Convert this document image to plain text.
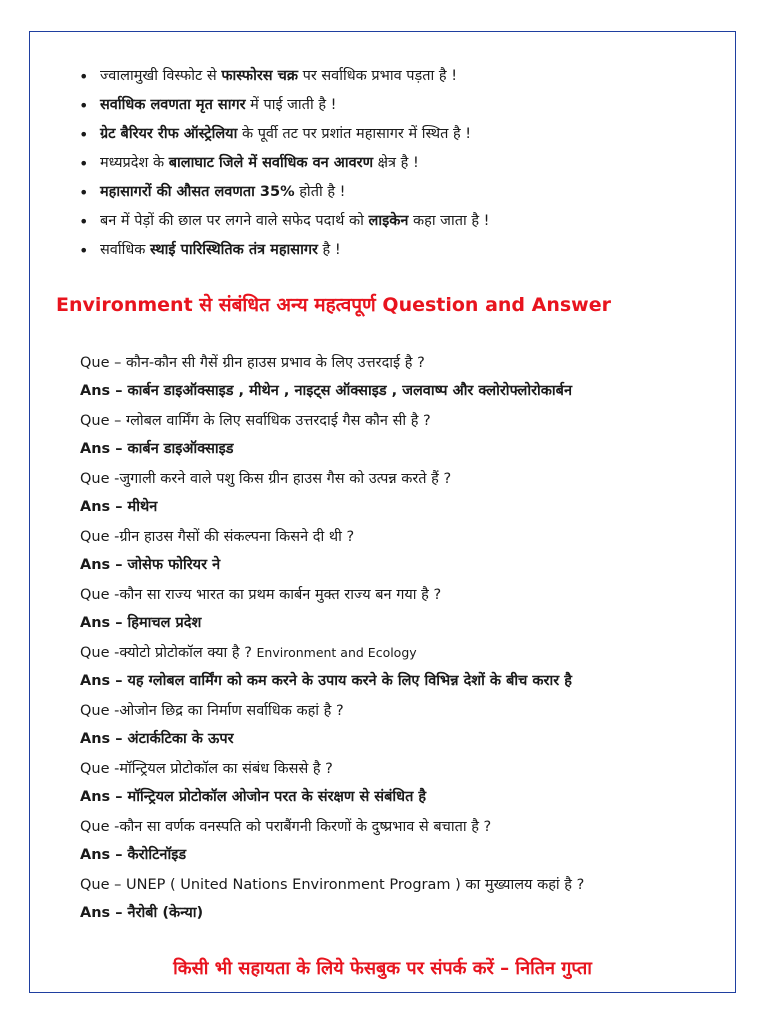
• ज्वालामुखी विस्फोट से फास्फोरस चक्र पर सर्वाधिक प्रभाव पड़ता है !
• सर्वाधिक लवणता मृत सागर में पाई जाती है !
• ग्रेट बैरियर रीफ ऑस्ट्रेलिया के पूर्वी तट पर प्रशांत महासागर में स्थित है !
• मध्यप्रदेश के बालाघाट जिले में सर्वाधिक वन आवरण क्षेत्र है !
• महासागरों की औसत लवणता 35% होती है !
• बन में पेड़ों की छाल पर लगने वाले सफेद पदार्थ को लाइकेन कहा जाता है !
• सर्वाधिक स्थाई पारिस्थितिक तंत्र महासागर है !
Environment से संबंधित अन्य महत्वपूर्ण Question and Answer
Que – कौन-कौन सी गैसें ग्रीन हाउस प्रभाव के लिए उत्तरदाई है ?
Ans – कार्बन डाइऑक्साइड , मीथेन , नाइट्स ऑक्साइड , जलवाष्प और क्लोरोफ्लोरोकार्बन
Que – ग्लोबल वार्मिंग के लिए सर्वाधिक उत्तरदाई गैस कौन सी है ?
Ans – कार्बन डाइऑक्साइड
Que -जुगाली करने वाले पशु किस ग्रीन हाउस गैस को उत्पन्न करते हैं ?
Ans – मीथेन
Que -ग्रीन हाउस गैसों की संकल्पना किसने दी थी ?
Ans – जोसेफ फोरियर ने
Que -कौन सा राज्य भारत का प्रथम कार्बन मुक्त राज्य बन गया है ?
Ans – हिमाचल प्रदेश
Que -क्योटो प्रोटोकॉल क्या है ? Environment and Ecology
Ans – यह ग्लोबल वार्मिंग को कम करने के उपाय करने के लिए विभिन्न देशों के बीच करार है
Que -ओजोन छिद्र का निर्माण सर्वाधिक कहां है ?
Ans – अंटार्कटिका के ऊपर
Que -मॉन्ट्रियल प्रोटोकॉल का संबंध किससे है ?
Ans – मॉन्ट्रियल प्रोटोकॉल ओजोन परत के संरक्षण से संबंधित है
Que -कौन सा वर्णक वनस्पति को पराबैंगनी किरणों के दुष्प्रभाव से बचाता है ?
Ans – कैरोटिनॉइड
Que – UNEP ( United Nations Environment Program ) का मुख्यालय कहां है ?
Ans – नैरोबी (केन्या)
किसी भी सहायता के लिये फेसबुक पर संपर्क करें – नितिन गुप्ता
